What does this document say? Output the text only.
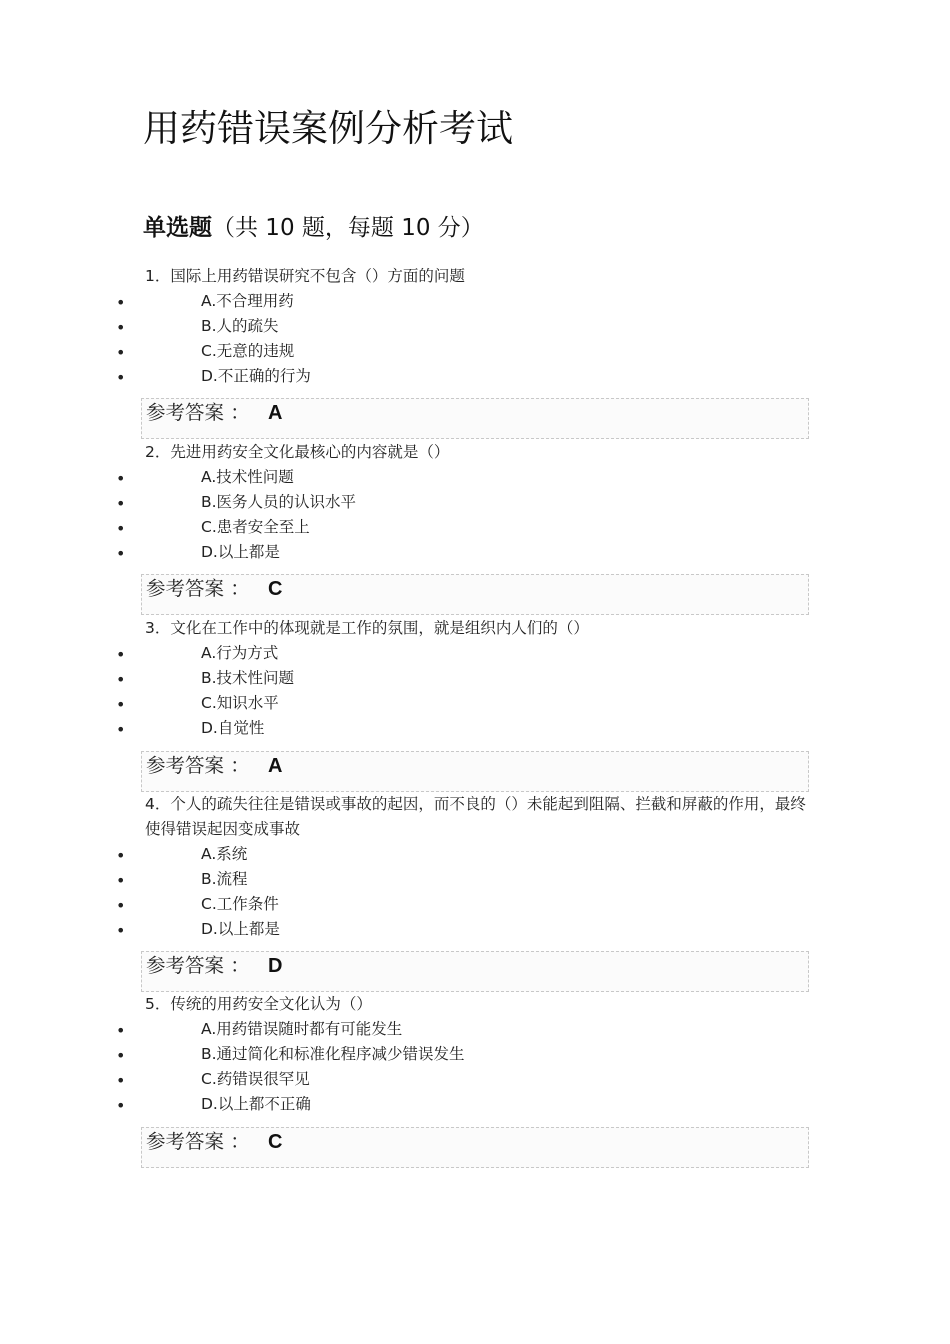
用药错误案例分析考试
单选题（共 10 题，每题 10 分）
1．国际上用药错误研究不包含（）方面的问题
•	A.不合理用药
•	B.人的疏失
•	C.无意的违规
•	D.不正确的行为
参考答案 ： A
2．先进用药安全文化最核心的内容就是（）
•	A.技术性问题
•	B.医务人员的认识水平
•	C.患者安全至上
•	D.以上都是
参考答案 ： C
3．文化在工作中的体现就是工作的氛围，就是组织内人们的（）
•	A.行为方式
•	B.技术性问题
•	C.知识水平
•	D.自觉性
参考答案 ： A
4．个人的疏失往往是错误或事故的起因，而不良的（）未能起到阻隔、拦截和屏蔽的作用，最终使得错误起因变成事故
•	A.系统
•	B.流程
•	C.工作条件
•	D.以上都是
参考答案 ： D
5．传统的用药安全文化认为（）
•	A.用药错误随时都有可能发生
•	B.通过简化和标准化程序减少错误发生
•	C.药错误很罕见
•	D.以上都不正确
参考答案 ： C
